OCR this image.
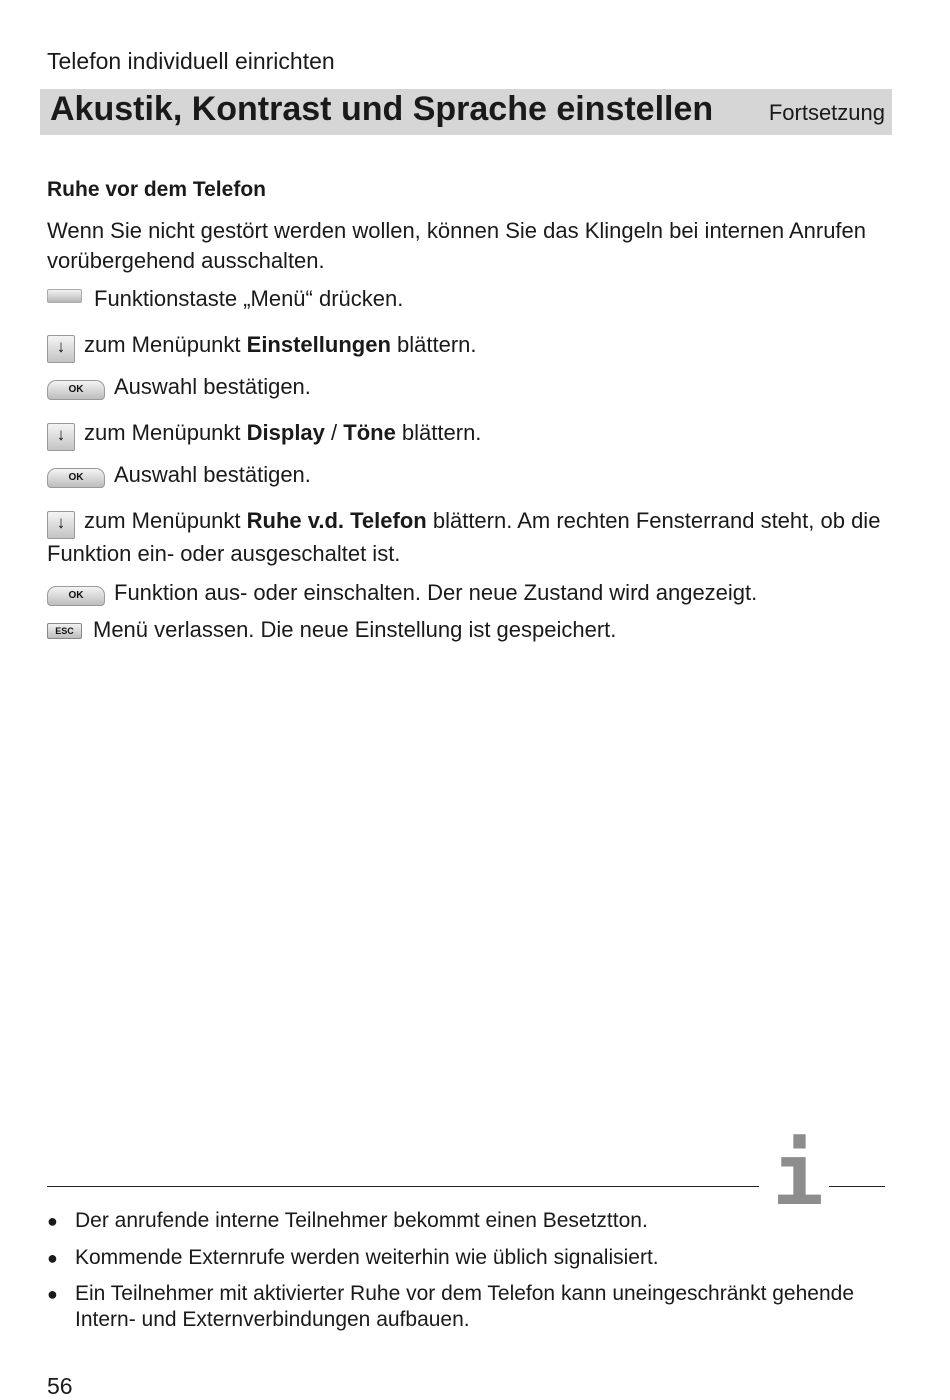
Telefon individuell einrichten
Akustik, Kontrast und Sprache einstellen	Fortsetzung
Ruhe vor dem Telefon
Wenn Sie nicht gestört werden wollen, können Sie das Klingeln bei internen Anrufen vorübergehend ausschalten.
Funktionstaste „Menü“ drücken.
↓ zum Menüpunkt Einstellungen blättern.
OK Auswahl bestätigen.
↓ zum Menüpunkt Display / Töne blättern.
OK Auswahl bestätigen.
↓ zum Menüpunkt Ruhe v.d. Telefon blättern. Am rechten Fensterrand steht, ob die Funktion ein- oder ausgeschaltet ist.
OK Funktion aus- oder einschalten. Der neue Zustand wird angezeigt.
ESC Menü verlassen. Die neue Einstellung ist gespeichert.
i
● Der anrufende interne Teilnehmer bekommt einen Besetztton.
● Kommende Externrufe werden weiterhin wie üblich signalisiert.
● Ein Teilnehmer mit aktivierter Ruhe vor dem Telefon kann uneingeschränkt gehende Intern- und Externverbindungen aufbauen.
56
